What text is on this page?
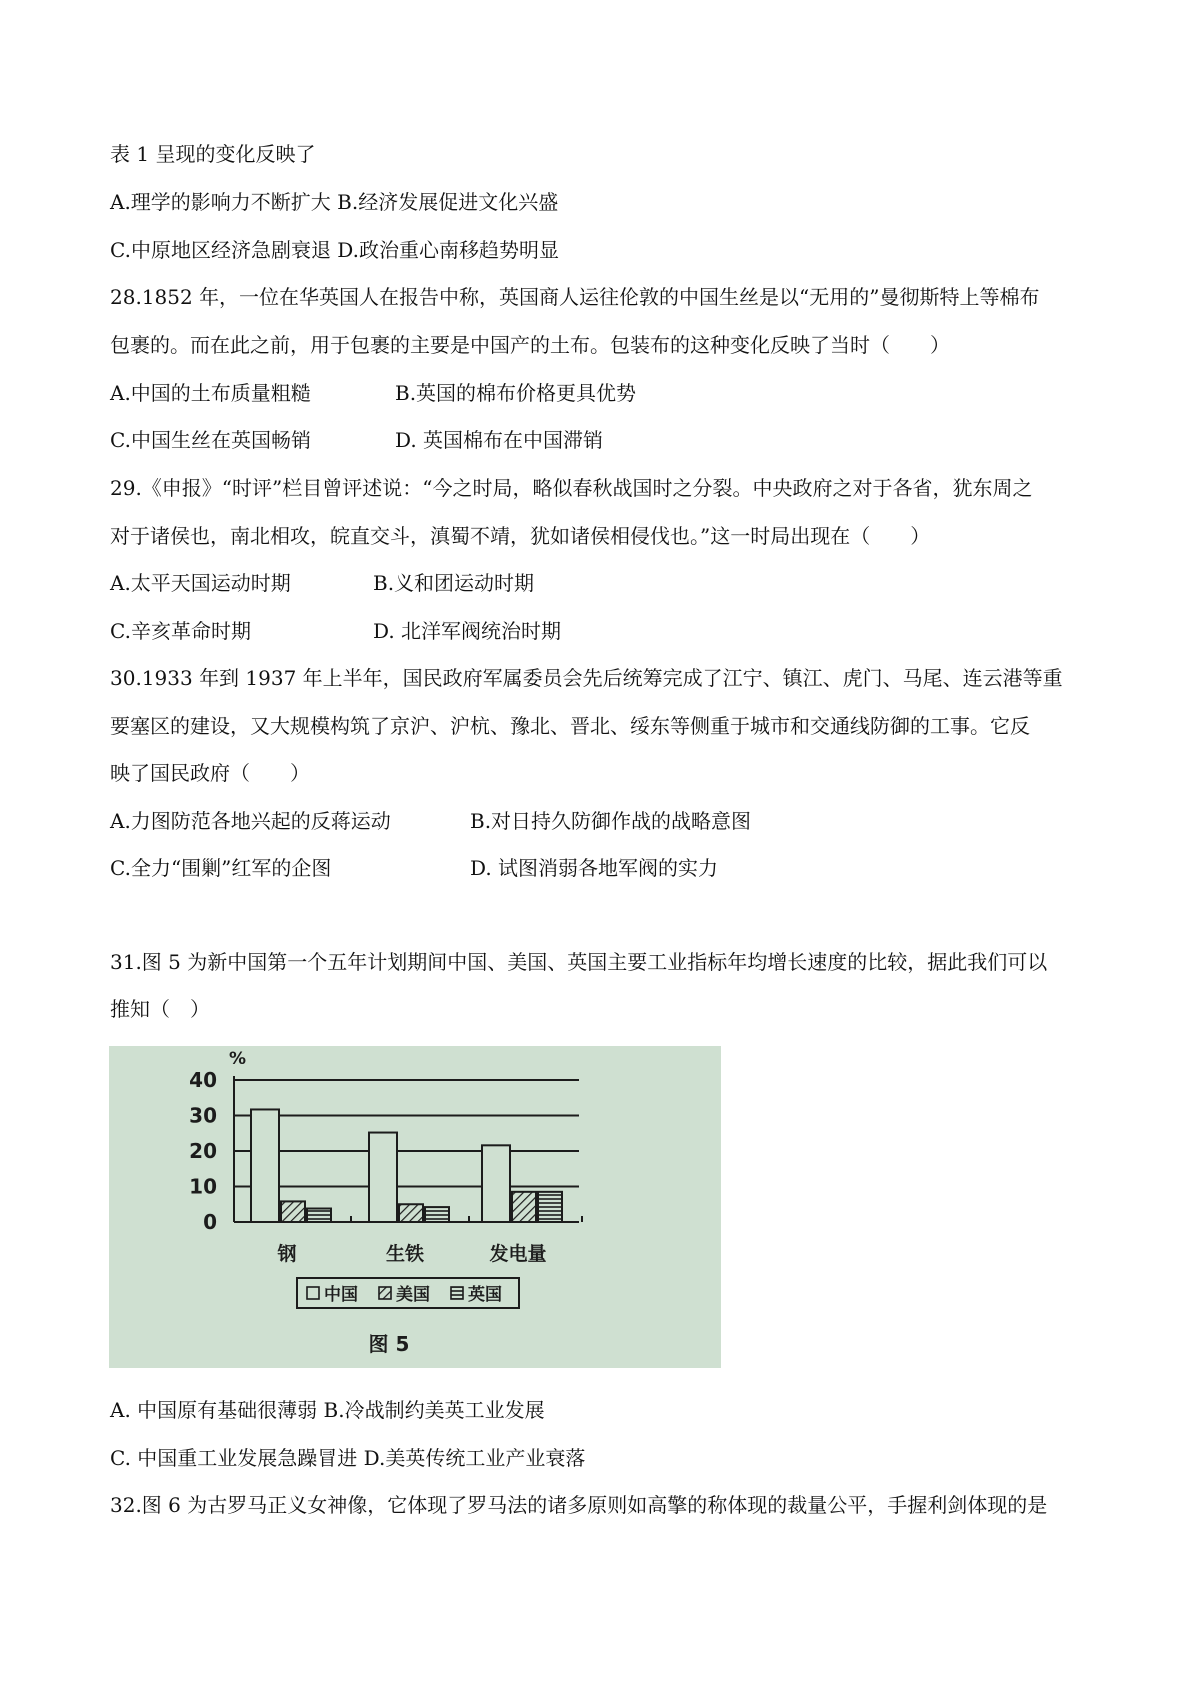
表 1 呈现的变化反映了
A.理学的影响力不断扩大 B.经济发展促进文化兴盛
C.中原地区经济急剧衰退 D.政治重心南移趋势明显
28.1852 年，一位在华英国人在报告中称，英国商人运往伦敦的中国生丝是以“无用的”曼彻斯特上等棉布
包裹的。而在此之前，用于包裹的主要是中国产的土布。包装布的这种变化反映了当时（　　）
A.中国的土布质量粗糙	B.英国的棉布价格更具优势
C.中国生丝在英国畅销	D. 英国棉布在中国滞销
29.《申报》“时评”栏目曾评述说：“今之时局，略似春秋战国时之分裂。中央政府之对于各省，犹东周之
对于诸侯也，南北相攻，皖直交斗，滇蜀不靖，犹如诸侯相侵伐也。”这一时局出现在（　　）
A.太平天国运动时期	B.义和团运动时期
C.辛亥革命时期	D. 北洋军阀统治时期
30.1933 年到 1937 年上半年，国民政府军属委员会先后统筹完成了江宁、镇江、虎门、马尾、连云港等重
要塞区的建设，又大规模构筑了京沪、沪杭、豫北、晋北、绥东等侧重于城市和交通线防御的工事。它反
映了国民政府（　　）
A.力图防范各地兴起的反蒋运动	B.对日持久防御作战的战略意图
C.全力“围剿”红军的企图	D. 试图消弱各地军阀的实力
31.图 5 为新中国第一个五年计划期间中国、美国、英国主要工业指标年均增长速度的比较，据此我们可以
推知（　）
0
10
20
30
40
%
钢	生铁	发电量
图 5
中国 美国 英国
A. 中国原有基础很薄弱 B.冷战制约美英工业发展
C. 中国重工业发展急躁冒进 D.美英传统工业产业衰落
32.图 6 为古罗马正义女神像，它体现了罗马法的诸多原则如高擎的称体现的裁量公平，手握利剑体现的是
